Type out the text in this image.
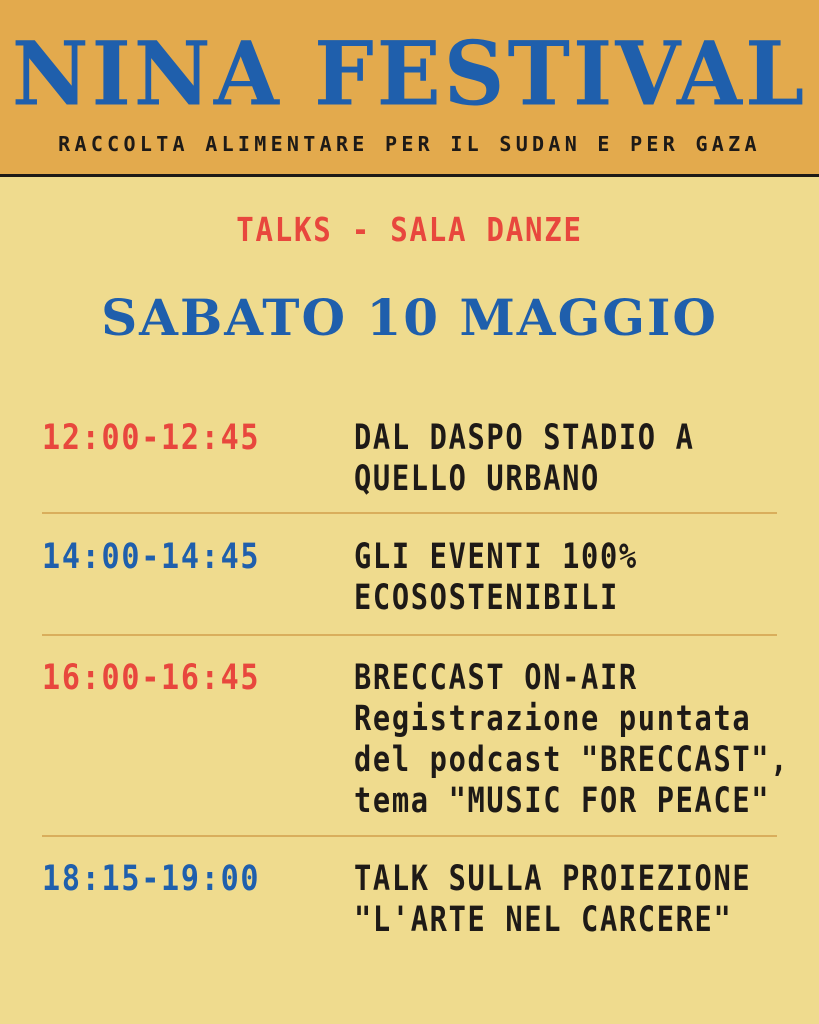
NINA FESTIVAL
RACCOLTA ALIMENTARE PER IL SUDAN E PER GAZA
TALKS - SALA DANZE
SABATO 10 MAGGIO
12:00-12:45	DAL DASPO STADIO A
QUELLO URBANO
14:00-14:45	GLI EVENTI 100%
ECOSOSTENIBILI
16:00-16:45	BRECCAST ON-AIR
Registrazione puntata
del podcast "BRECCAST",
tema "MUSIC FOR PEACE"
18:15-19:00	TALK SULLA PROIEZIONE
"L'ARTE NEL CARCERE"
